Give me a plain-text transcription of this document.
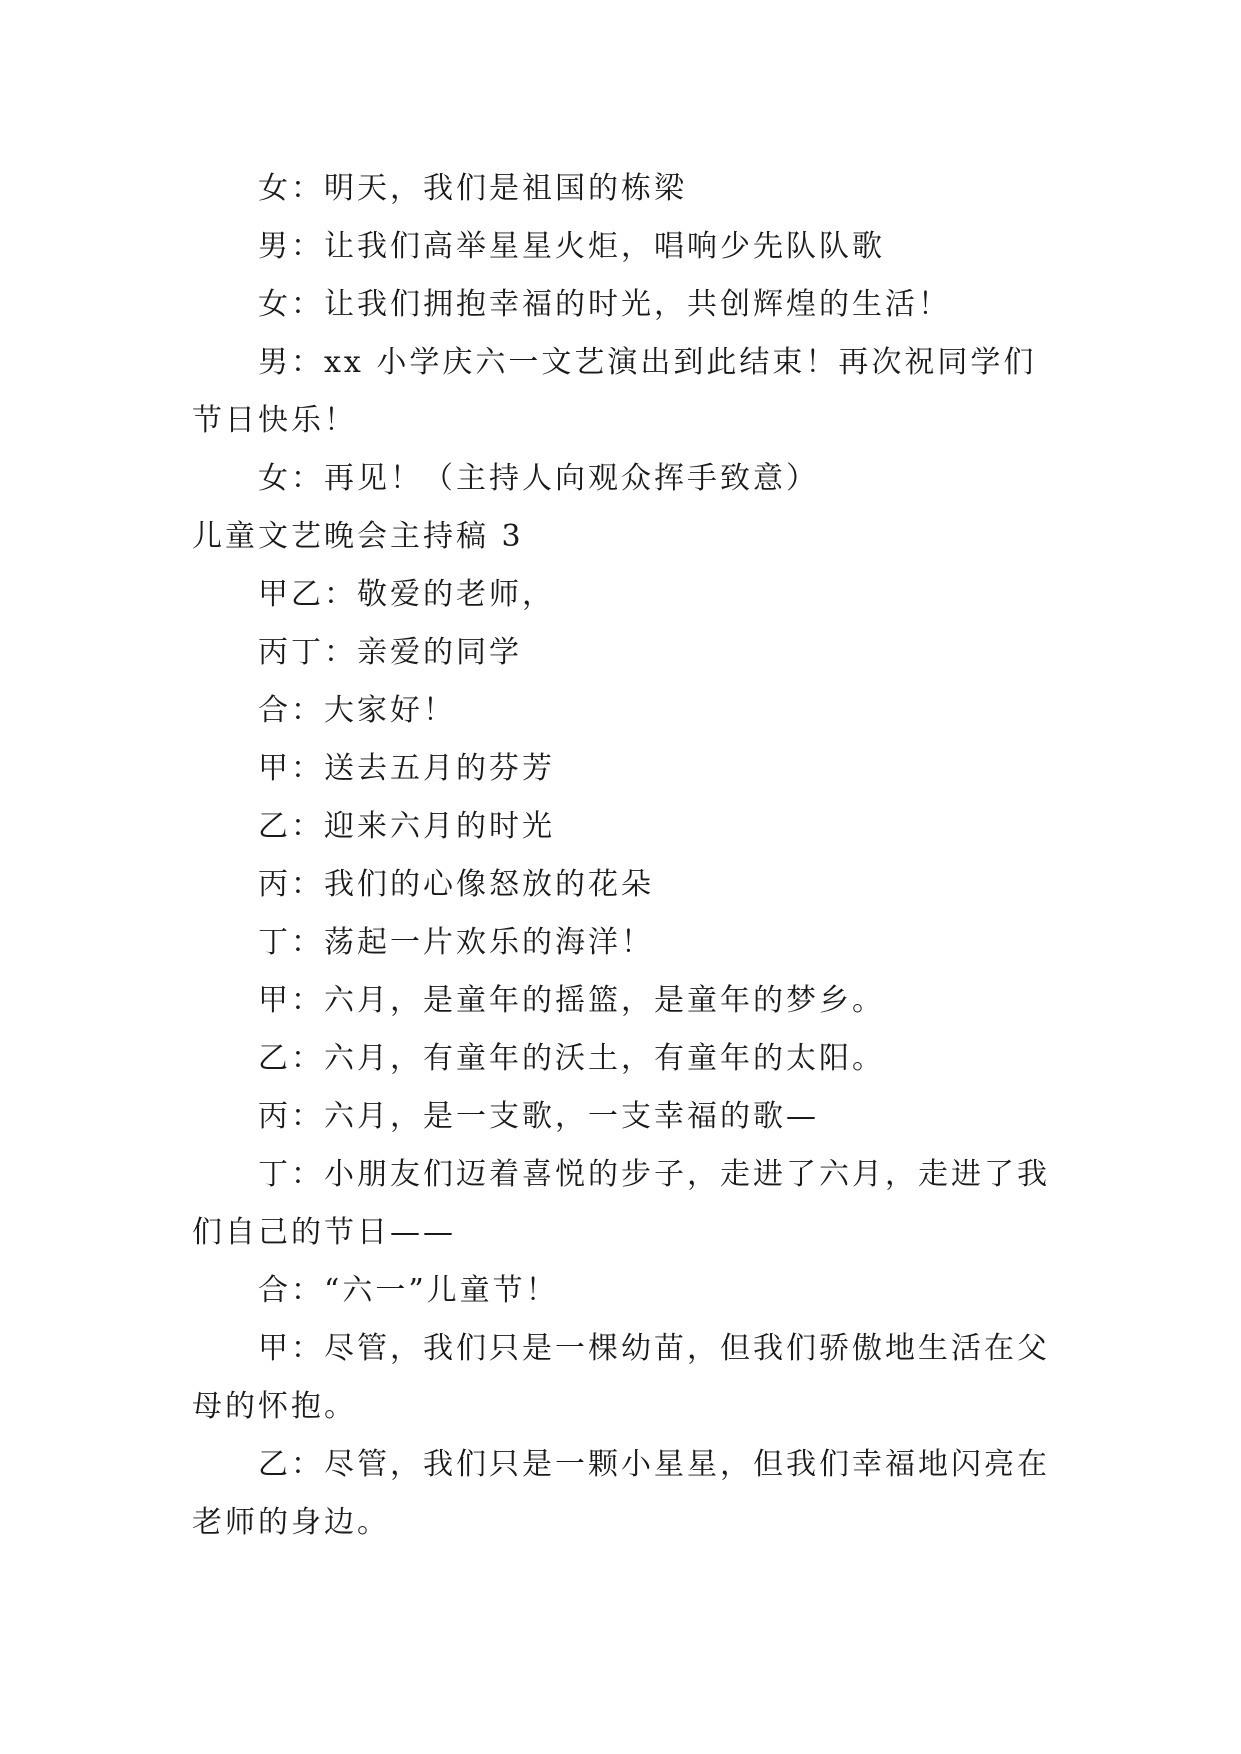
女：明天，我们是祖国的栋梁

男：让我们高举星星火炬，唱响少先队队歌

女：让我们拥抱幸福的时光，共创辉煌的生活！

男：xx 小学庆六一文艺演出到此结束！再次祝同学们节日快乐！

女：再见！（主持人向观众挥手致意）

儿童文艺晚会主持稿 3

甲乙：敬爱的老师，

丙丁：亲爱的同学

合：大家好！

甲：送去五月的芬芳

乙：迎来六月的时光

丙：我们的心像怒放的花朵

丁：荡起一片欢乐的海洋！

甲：六月，是童年的摇篮，是童年的梦乡。

乙：六月，有童年的沃土，有童年的太阳。

丙：六月，是一支歌，一支幸福的歌—

丁：小朋友们迈着喜悦的步子，走进了六月，走进了我们自己的节日——

合：“六一”儿童节！

甲：尽管，我们只是一棵幼苗，但我们骄傲地生活在父母的怀抱。

乙：尽管，我们只是一颗小星星，但我们幸福地闪亮在老师的身边。
